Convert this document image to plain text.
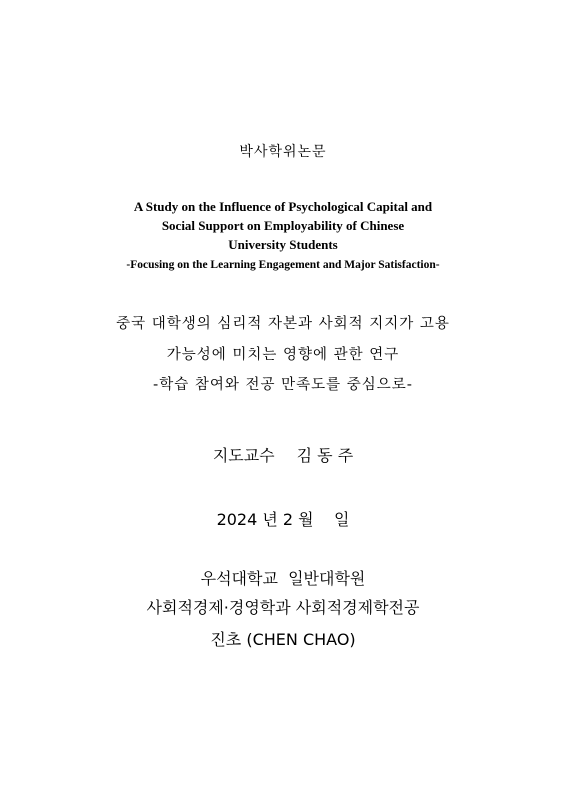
박사학위논문
A Study on the Influence of Psychological Capital and
Social Support on Employability of Chinese
University Students
-Focusing on the Learning Engagement and Major Satisfaction-
중국 대학생의 심리적 자본과 사회적 지지가 고용
가능성에 미치는 영향에 관한 연구
-학습 참여와 전공 만족도를 중심으로-
지도교수 김 동 주
2024 년 2 월    일
우석대학교  일반대학원
사회적경제·경영학과 사회적경제학전공
진초 (CHEN CHAO)
